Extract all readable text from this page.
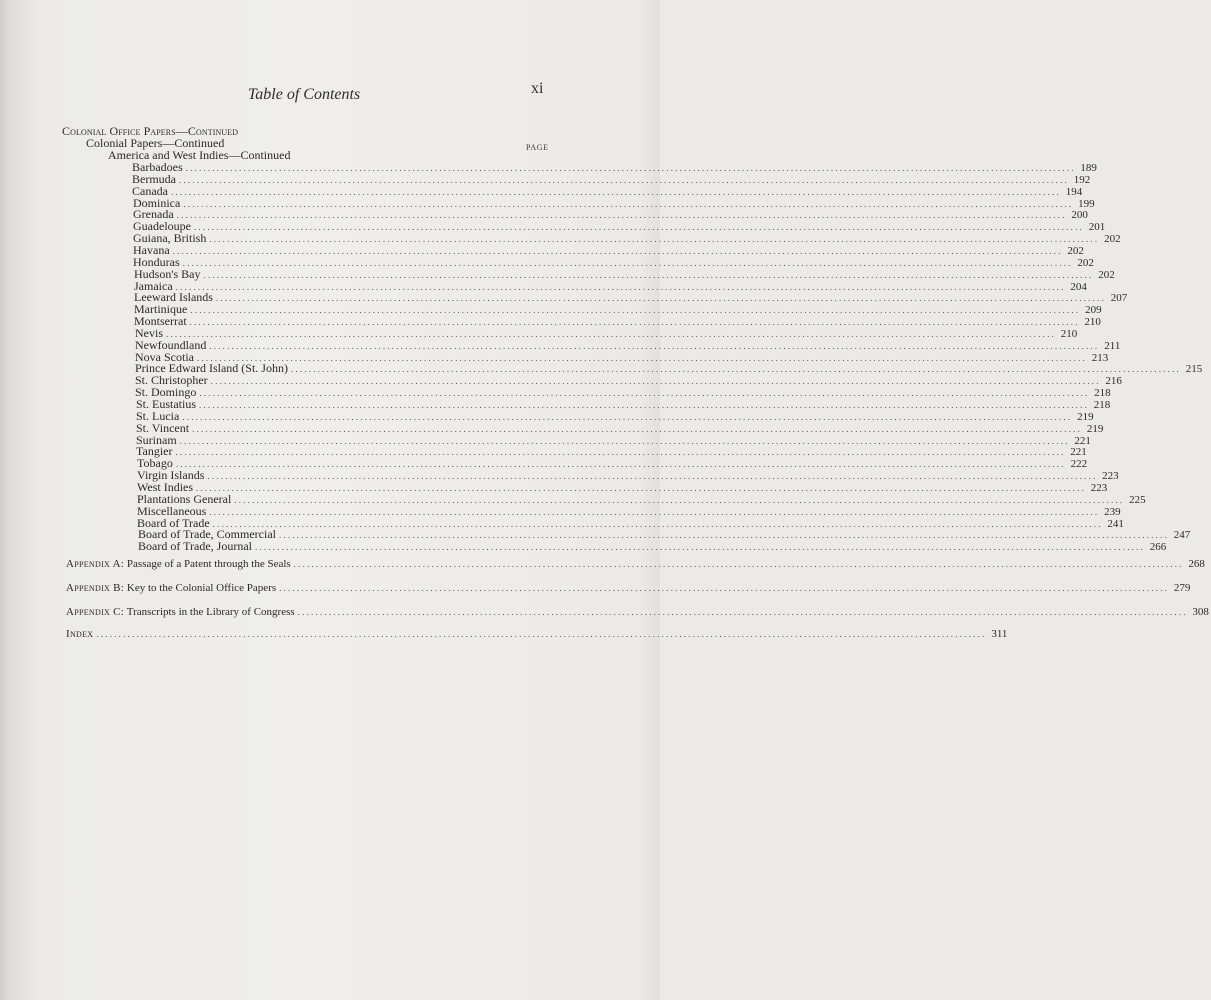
Table of Contents	xi
Colonial Office Papers—Continued
Colonial Papers—Continued
America and West Indies—Continued
PAGE
Barbadoes ........................................................................................................................................................................................................ 189
Bermuda ........................................................................................................................................................................................................ 192
Canada ........................................................................................................................................................................................................ 194
Dominica ........................................................................................................................................................................................................ 199
Grenada ........................................................................................................................................................................................................ 200
Guadeloupe ........................................................................................................................................................................................................ 201
Guiana, British ........................................................................................................................................................................................................ 202
Havana ........................................................................................................................................................................................................ 202
Honduras ........................................................................................................................................................................................................ 202
Hudson's Bay ........................................................................................................................................................................................................ 202
Jamaica ........................................................................................................................................................................................................ 204
Leeward Islands ........................................................................................................................................................................................................ 207
Martinique ........................................................................................................................................................................................................ 209
Montserrat ........................................................................................................................................................................................................ 210
Nevis ........................................................................................................................................................................................................ 210
Newfoundland ........................................................................................................................................................................................................ 211
Nova Scotia ........................................................................................................................................................................................................ 213
Prince Edward Island (St. John) ........................................................................................................................................................................................................ 215
St. Christopher ........................................................................................................................................................................................................ 216
St. Domingo ........................................................................................................................................................................................................ 218
St. Eustatius ........................................................................................................................................................................................................ 218
St. Lucia ........................................................................................................................................................................................................ 219
St. Vincent ........................................................................................................................................................................................................ 219
Surinam ........................................................................................................................................................................................................ 221
Tangier ........................................................................................................................................................................................................ 221
Tobago ........................................................................................................................................................................................................ 222
Virgin Islands ........................................................................................................................................................................................................ 223
West Indies ........................................................................................................................................................................................................ 223
Plantations General ........................................................................................................................................................................................................ 225
Miscellaneous ........................................................................................................................................................................................................ 239
Board of Trade ........................................................................................................................................................................................................ 241
Board of Trade, Commercial ........................................................................................................................................................................................................ 247
Board of Trade, Journal ........................................................................................................................................................................................................ 266
Appendix A: Passage of a Patent through the Seals ........................................................................................................................................................................................................ 268
Appendix B: Key to the Colonial Office Papers ........................................................................................................................................................................................................ 279
Appendix C: Transcripts in the Library of Congress ........................................................................................................................................................................................................ 308
Index ........................................................................................................................................................................................................ 311
